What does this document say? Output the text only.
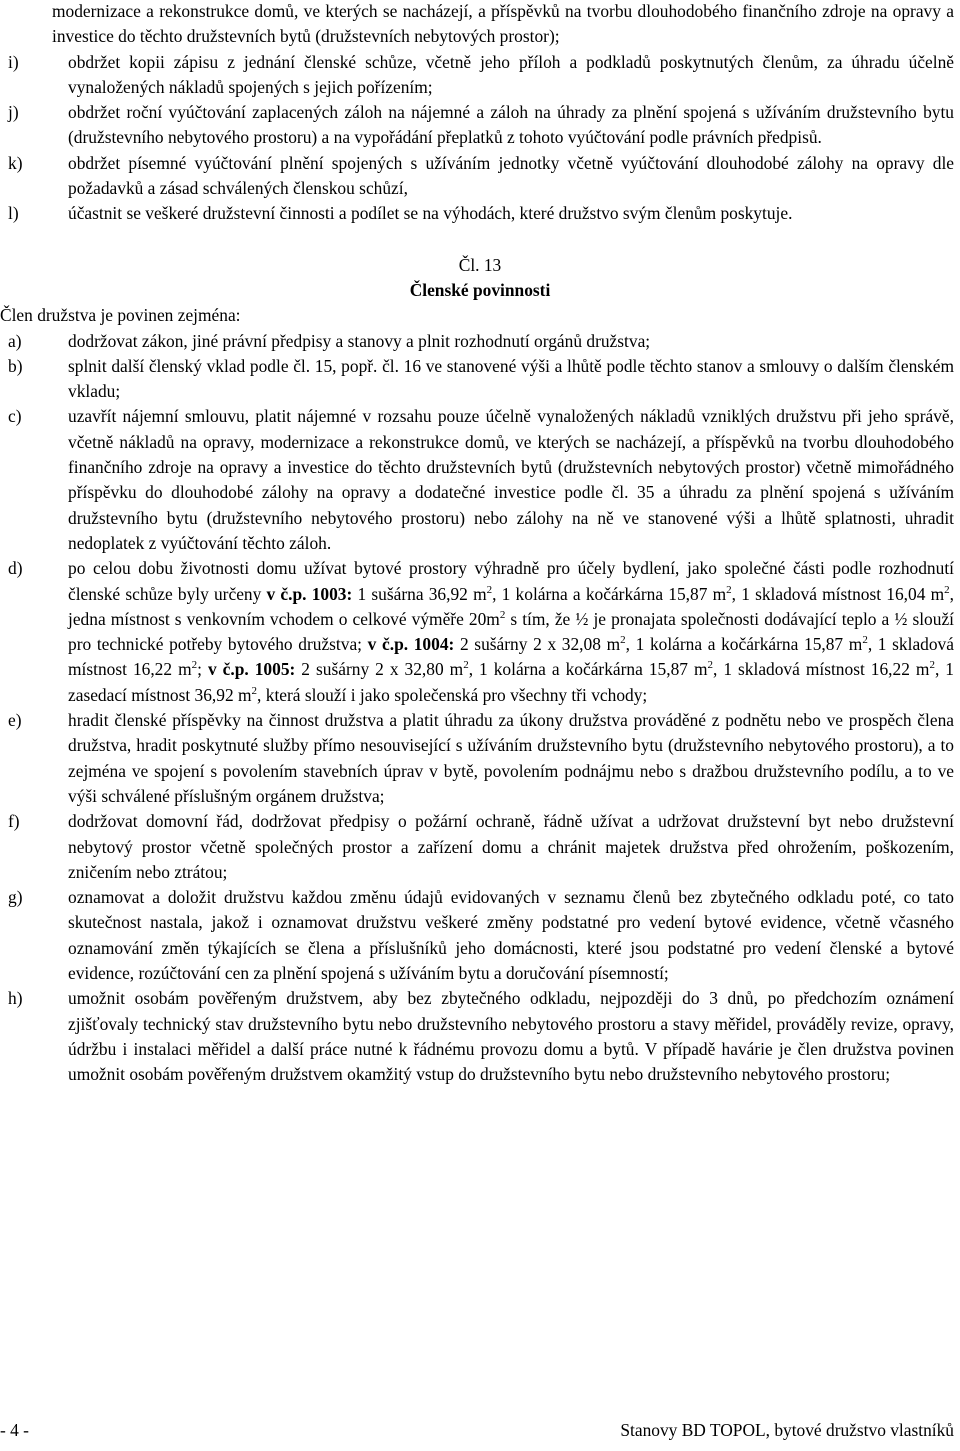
modernizace a rekonstrukce domů, ve kterých se nacházejí, a příspěvků na tvorbu dlouhodobého finančního zdroje na opravy a investice do těchto družstevních bytů (družstevních nebytových prostor);
i)	obdržet kopii zápisu z jednání členské schůze, včetně jeho příloh a podkladů poskytnutých členům, za úhradu účelně vynaložených nákladů spojených s jejich pořízením;
j)	obdržet roční vyúčtování zaplacených záloh na nájemné a záloh na úhrady za plnění spojená s užíváním družstevního bytu (družstevního nebytového prostoru) a na vypořádání přeplatků z tohoto vyúčtování podle právních předpisů.
k)	obdržet písemné vyúčtování plnění spojených s užíváním jednotky včetně vyúčtování dlouhodobé zálohy na opravy dle požadavků a zásad schválených členskou schůzí,
l)	účastnit se veškeré družstevní činnosti a podílet se na výhodách, které družstvo svým členům poskytuje.
Čl. 13
Členské povinnosti
Člen družstva je povinen zejména:
a)	dodržovat zákon, jiné právní předpisy a stanovy a plnit rozhodnutí orgánů družstva;
b)	splnit další členský vklad podle čl. 15, popř. čl. 16 ve stanovené výši a lhůtě podle těchto stanov a smlouvy o dalším členském vkladu;
c)	uzavřít nájemní smlouvu, platit nájemné v rozsahu pouze účelně vynaložených nákladů vzniklých družstvu při jeho správě, včetně nákladů na opravy, modernizace a rekonstrukce domů, ve kterých se nacházejí, a příspěvků na tvorbu dlouhodobého finančního zdroje na opravy a investice do těchto družstevních bytů (družstevních nebytových prostor) včetně mimořádného příspěvku do dlouhodobé zálohy na opravy a dodatečné investice podle čl. 35 a úhradu za plnění spojená s užíváním družstevního bytu (družstevního nebytového prostoru) nebo zálohy na ně ve stanovené výši a lhůtě splatnosti, uhradit nedoplatek z vyúčtování těchto záloh.
d)	po celou dobu životnosti domu užívat bytové prostory výhradně pro účely bydlení, jako společné části podle rozhodnutí členské schůze byly určeny v č.p. 1003: 1 sušárna 36,92 $m^2$, 1 kolárna a kočárkárna 15,87 $m^2$, 1 skladová místnost 16,04 $m^2$, jedna místnost s venkovním vchodem o celkové výměře $20m^2$ s tím, že ½ je pronajata společnosti dodávající teplo a ½ slouží pro technické potřeby bytového družstva; v č.p. 1004: 2 sušárny 2 x 32,08 $m^2$, 1 kolárna a kočárkárna 15,87 $m^2$, 1 skladová místnost 16,22 $m^2$; v č.p. 1005: 2 sušárny 2 x 32,80 $m^2$, 1 kolárna a kočárkárna 15,87 $m^2$, 1 skladová místnost 16,22 $m^2$, 1 zasedací místnost 36,92 $m^2$, která slouží i jako společenská pro všechny tři vchody;
e)	hradit členské příspěvky na činnost družstva a platit úhradu za úkony družstva prováděné z podnětu nebo ve prospěch člena družstva, hradit poskytnuté služby přímo nesouvisející s užíváním družstevního bytu (družstevního nebytového prostoru), a to zejména ve spojení s povolením stavebních úprav v bytě, povolením podnájmu nebo s dražbou družstevního podílu, a to ve výši schválené příslušným orgánem družstva;
f)	dodržovat domovní řád, dodržovat předpisy o požární ochraně, řádně užívat a udržovat družstevní byt nebo družstevní nebytový prostor včetně společných prostor a zařízení domu a chránit majetek družstva před ohrožením, poškozením, zničením nebo ztrátou;
g)	oznamovat a doložit družstvu každou změnu údajů evidovaných v seznamu členů bez zbytečného odkladu poté, co tato skutečnost nastala, jakož i oznamovat družstvu veškeré změny podstatné pro vedení bytové evidence, včetně včasného oznamování změn týkajících se člena a příslušníků jeho domácnosti, které jsou podstatné pro vedení členské a bytové evidence, rozúčtování cen za plnění spojená s užíváním bytu a doručování písemností;
h)	umožnit osobám pověřeným družstvem, aby bez zbytečného odkladu, nejpozději do 3 dnů, po předchozím oznámení zjišťovaly technický stav družstevního bytu nebo družstevního nebytového prostoru a stavy měřidel, prováděly revize, opravy, údržbu i instalaci měřidel a další práce nutné k řádnému provozu domu a bytů. V případě havárie je člen družstva povinen umožnit osobám pověřeným družstvem okamžitý vstup do družstevního bytu nebo družstevního nebytového prostoru;
- 4 -	Stanovy BD TOPOL, bytové družstvo vlastníků
